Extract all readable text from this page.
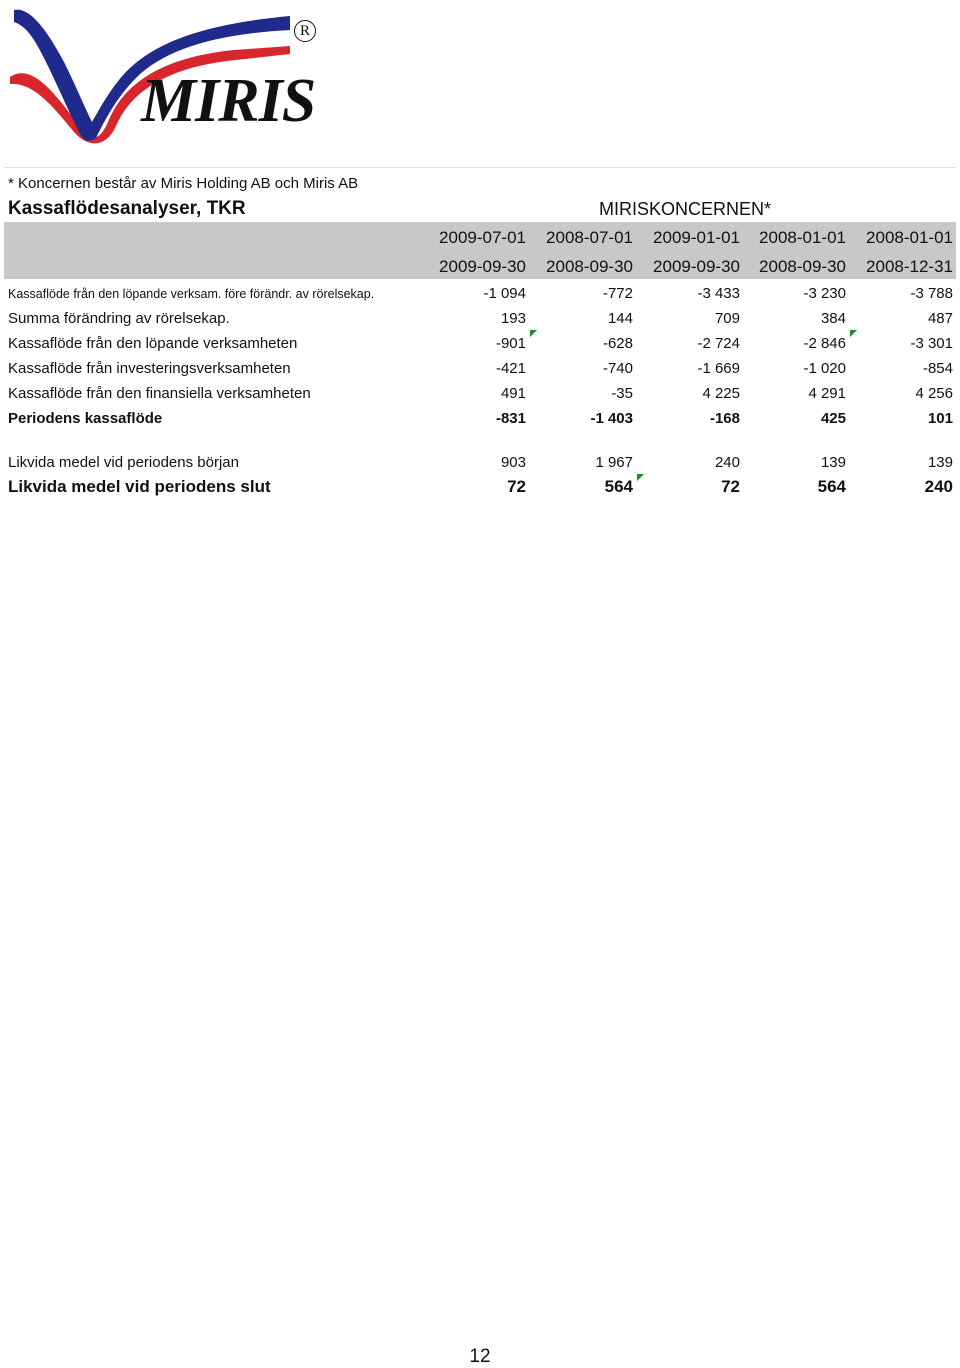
MIRIS
R
* Koncernen består av Miris Holding AB och Miris AB
Kassaflödesanalyser, TKR	MIRISKONCERNEN*
2009-07-01	2008-07-01	2009-01-01	2008-01-01	2008-01-01
2009-09-30	2008-09-30	2009-09-30	2008-09-30	2008-12-31
Kassaflöde från den löpande verksam. före förändr. av rörelsekap.	-1 094	-772	-3 433	-3 230	-3 788
Summa förändring av rörelsekap.	193	144	709	384	487
Kassaflöde från den löpande verksamheten	-901	-628	-2 724	-2 846	-3 301
Kassaflöde från investeringsverksamheten	-421	-740	-1 669	-1 020	-854
Kassaflöde från den finansiella verksamheten	491	-35	4 225	4 291	4 256
Periodens kassaflöde	-831	-1 403	-168	425	101
Likvida medel vid periodens början	903	1 967	240	139	139
Likvida medel vid periodens slut	72	564	72	564	240
12
